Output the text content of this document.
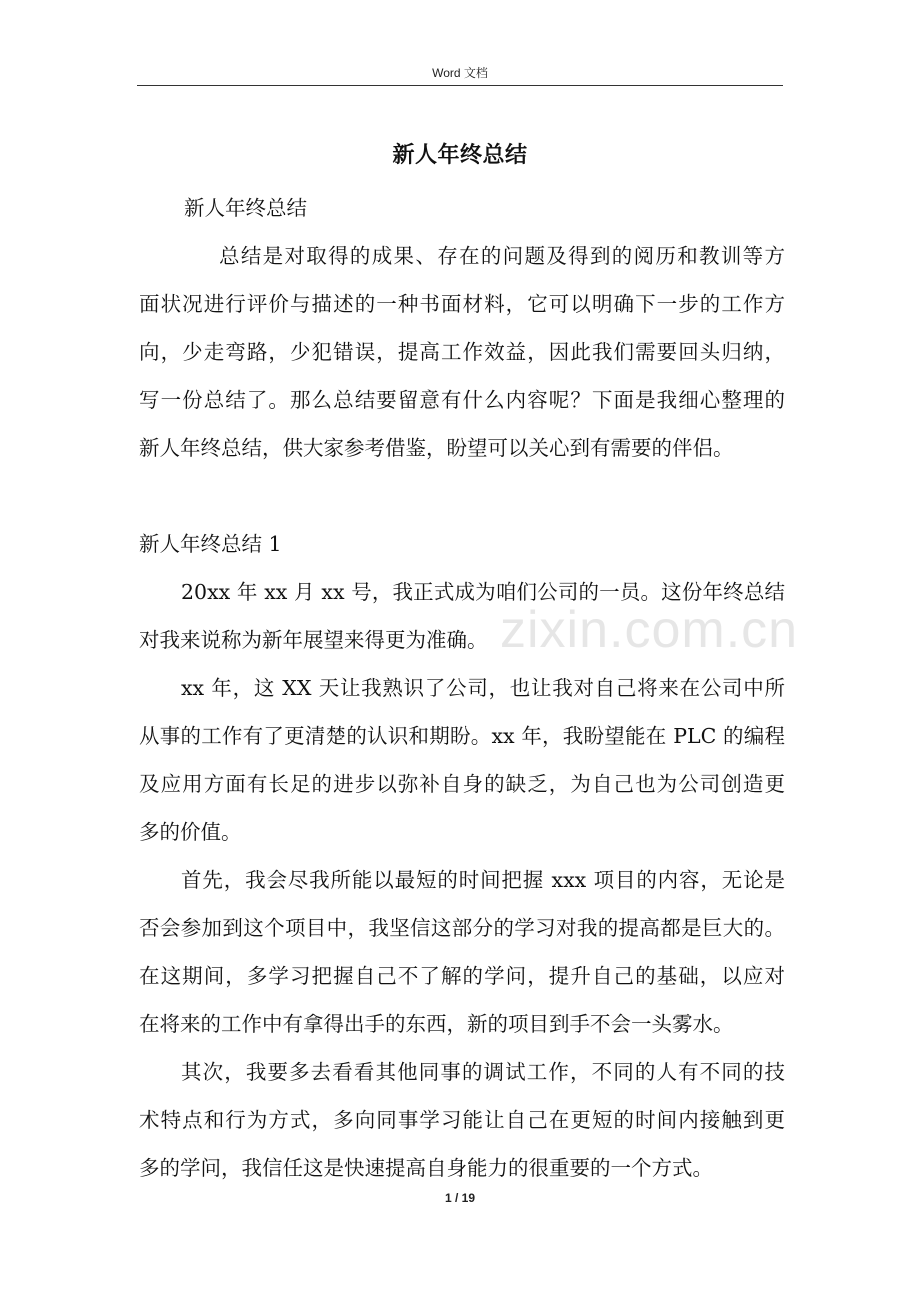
Word 文档
新人年终总结
zixin.com.cn
新人年终总结
总结是对取得的成果、存在的问题及得到的阅历和教训等方
面状况进行评价与描述的一种书面材料，它可以明确下一步的工作方
向，少走弯路，少犯错误，提高工作效益，因此我们需要回头归纳，
写一份总结了。那么总结要留意有什么内容呢？下面是我细心整理的
新人年终总结，供大家参考借鉴，盼望可以关心到有需要的伴侣。
新人年终总结 1
20xx 年 xx 月 xx 号，我正式成为咱们公司的一员。这份年终总结
对我来说称为新年展望来得更为准确。
xx 年，这 XX 天让我熟识了公司，也让我对自己将来在公司中所
从事的工作有了更清楚的认识和期盼。xx 年，我盼望能在 PLC 的编程
及应用方面有长足的进步以弥补自身的缺乏，为自己也为公司创造更
多的价值。
首先，我会尽我所能以最短的时间把握 xxx 项目的内容，无论是
否会参加到这个项目中，我坚信这部分的学习对我的提高都是巨大的。
在这期间，多学习把握自己不了解的学问，提升自己的基础，以应对
在将来的工作中有拿得出手的东西，新的项目到手不会一头雾水。
其次，我要多去看看其他同事的调试工作，不同的人有不同的技
术特点和行为方式，多向同事学习能让自己在更短的时间内接触到更
多的学问，我信任这是快速提高自身能力的很重要的一个方式。
1 / 19
